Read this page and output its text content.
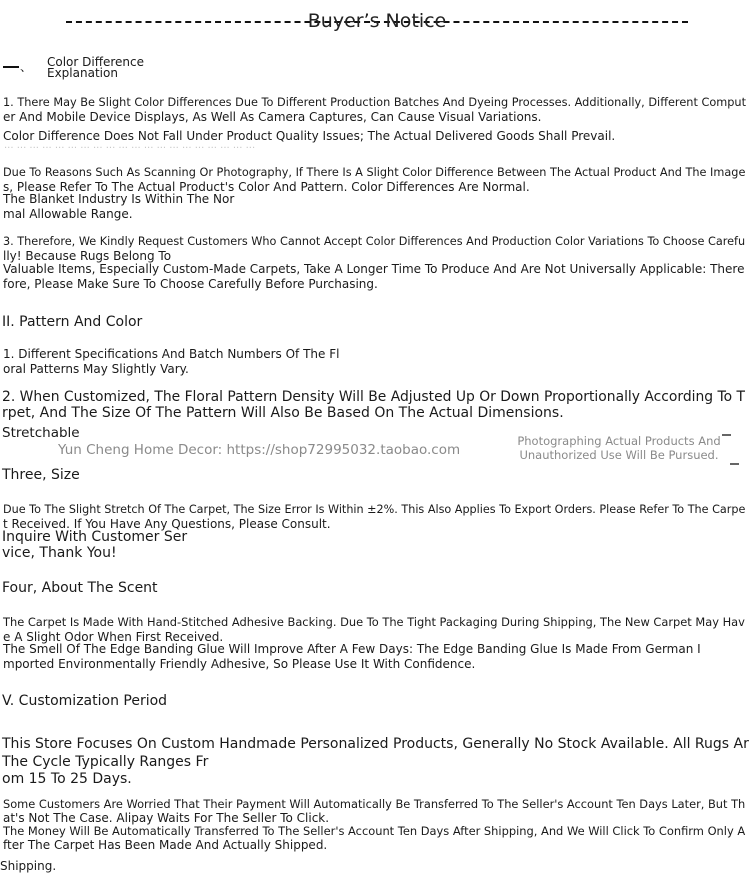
Buyer’s Notice
、 Color Difference
Explanation
1. There May Be Slight Color Differences Due To Different Production Batches And Dyeing Processes. Additionally, Different Comput
er And Mobile Device Displays, As Well As Camera Captures, Can Cause Visual Variations.
Color Difference Does Not Fall Under Product Quality Issues; The Actual Delivered Goods Shall Prevail.
··· ··· ··· ··· ··· ··· ··· ··· ··· ··· ··· ··· ··· ··· ··· ··· ··· ··· ··· ···
Due To Reasons Such As Scanning Or Photography, If There Is A Slight Color Difference Between The Actual Product And The Image
s, Please Refer To The Actual Product's Color And Pattern. Color Differences Are Normal.
The Blanket Industry Is Within The Nor
mal Allowable Range.
3. Therefore, We Kindly Request Customers Who Cannot Accept Color Differences And Production Color Variations To Choose Carefu
lly! Because Rugs Belong To
Valuable Items, Especially Custom-Made Carpets, Take A Longer Time To Produce And Are Not Universally Applicable: There
fore, Please Make Sure To Choose Carefully Before Purchasing.
II. Pattern And Color
1. Different Specifications And Batch Numbers Of The Fl
oral Patterns May Slightly Vary.
2. When Customized, The Floral Pattern Density Will Be Adjusted Up Or Down Proportionally According To T
rpet, And The Size Of The Pattern Will Also Be Based On The Actual Dimensions.
Stretchable
Yun Cheng Home Decor: https://shop72995032.taobao.com
Photographing Actual Products And
Unauthorized Use Will Be Pursued.
Three, Size
Due To The Slight Stretch Of The Carpet, The Size Error Is Within ±2%. This Also Applies To Export Orders. Please Refer To The Carpe
t Received. If You Have Any Questions, Please Consult.
Inquire With Customer Ser
vice, Thank You!
Four, About The Scent
The Carpet Is Made With Hand-Stitched Adhesive Backing. Due To The Tight Packaging During Shipping, The New Carpet May Hav
e A Slight Odor When First Received.
The Smell Of The Edge Banding Glue Will Improve After A Few Days: The Edge Banding Glue Is Made From German I
mported Environmentally Friendly Adhesive, So Please Use It With Confidence.
V. Customization Period
This Store Focuses On Custom Handmade Personalized Products, Generally No Stock Available. All Rugs Ar
The Cycle Typically Ranges Fr
om 15 To 25 Days.
Some Customers Are Worried That Their Payment Will Automatically Be Transferred To The Seller's Account Ten Days Later, But Th
at's Not The Case. Alipay Waits For The Seller To Click.
The Money Will Be Automatically Transferred To The Seller's Account Ten Days After Shipping, And We Will Click To Confirm Only A
fter The Carpet Has Been Made And Actually Shipped.
Shipping.
